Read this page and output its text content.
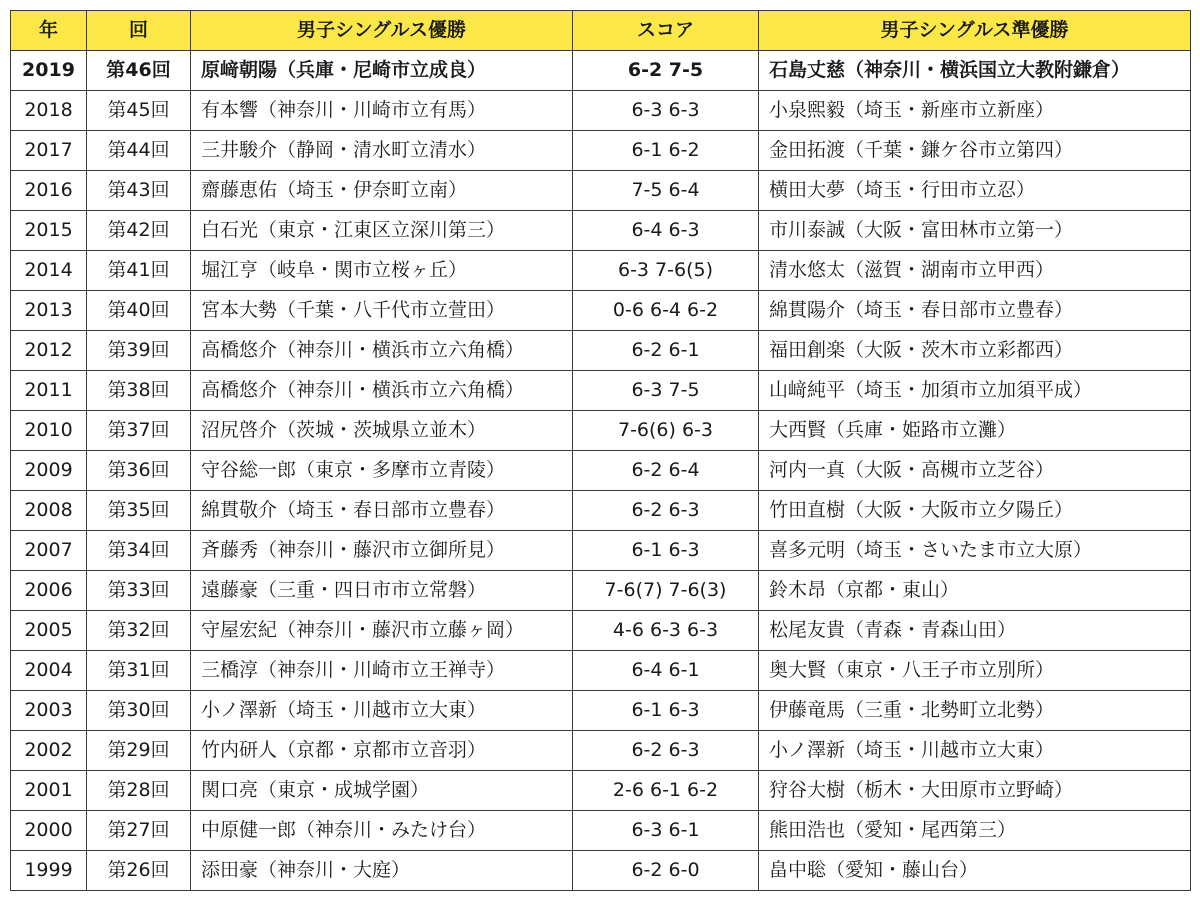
年	回	男子シングルス優勝	スコア	男子シングルス準優勝
2019	第46回	原﨑朝陽（兵庫・尼崎市立成良）	6-2 7-5	石島丈慈（神奈川・横浜国立大教附鎌倉）
2018	第45回	有本響（神奈川・川崎市立有馬）	6-3 6-3	小泉煕毅（埼玉・新座市立新座）
2017	第44回	三井駿介（静岡・清水町立清水）	6-1 6-2	金田拓渡（千葉・鎌ケ谷市立第四）
2016	第43回	齋藤恵佑（埼玉・伊奈町立南）	7-5 6-4	横田大夢（埼玉・行田市立忍）
2015	第42回	白石光（東京・江東区立深川第三）	6-4 6-3	市川泰誠（大阪・富田林市立第一）
2014	第41回	堀江亨（岐阜・関市立桜ヶ丘）	6-3 7-6(5)	清水悠太（滋賀・湖南市立甲西）
2013	第40回	宮本大勢（千葉・八千代市立萱田）	0-6 6-4 6-2	綿貫陽介（埼玉・春日部市立豊春）
2012	第39回	高橋悠介（神奈川・横浜市立六角橋）	6-2 6-1	福田創楽（大阪・茨木市立彩都西）
2011	第38回	高橋悠介（神奈川・横浜市立六角橋）	6-3 7-5	山﨑純平（埼玉・加須市立加須平成）
2010	第37回	沼尻啓介（茨城・茨城県立並木）	7-6(6) 6-3	大西賢（兵庫・姫路市立灘）
2009	第36回	守谷総一郎（東京・多摩市立青陵）	6-2 6-4	河内一真（大阪・高槻市立芝谷）
2008	第35回	綿貫敬介（埼玉・春日部市立豊春）	6-2 6-3	竹田直樹（大阪・大阪市立夕陽丘）
2007	第34回	斉藤秀（神奈川・藤沢市立御所見）	6-1 6-3	喜多元明（埼玉・さいたま市立大原）
2006	第33回	遠藤豪（三重・四日市市立常磐）	7-6(7) 7-6(3)	鈴木昂（京都・東山）
2005	第32回	守屋宏紀（神奈川・藤沢市立藤ヶ岡）	4-6 6-3 6-3	松尾友貴（青森・青森山田）
2004	第31回	三橋淳（神奈川・川崎市立王禅寺）	6-4 6-1	奥大賢（東京・八王子市立別所）
2003	第30回	小ノ澤新（埼玉・川越市立大東）	6-1 6-3	伊藤竜馬（三重・北勢町立北勢）
2002	第29回	竹内研人（京都・京都市立音羽）	6-2 6-3	小ノ澤新（埼玉・川越市立大東）
2001	第28回	関口亮（東京・成城学園）	2-6 6-1 6-2	狩谷大樹（栃木・大田原市立野崎）
2000	第27回	中原健一郎（神奈川・みたけ台）	6-3 6-1	熊田浩也（愛知・尾西第三）
1999	第26回	添田豪（神奈川・大庭）	6-2 6-0	畠中聡（愛知・藤山台）
